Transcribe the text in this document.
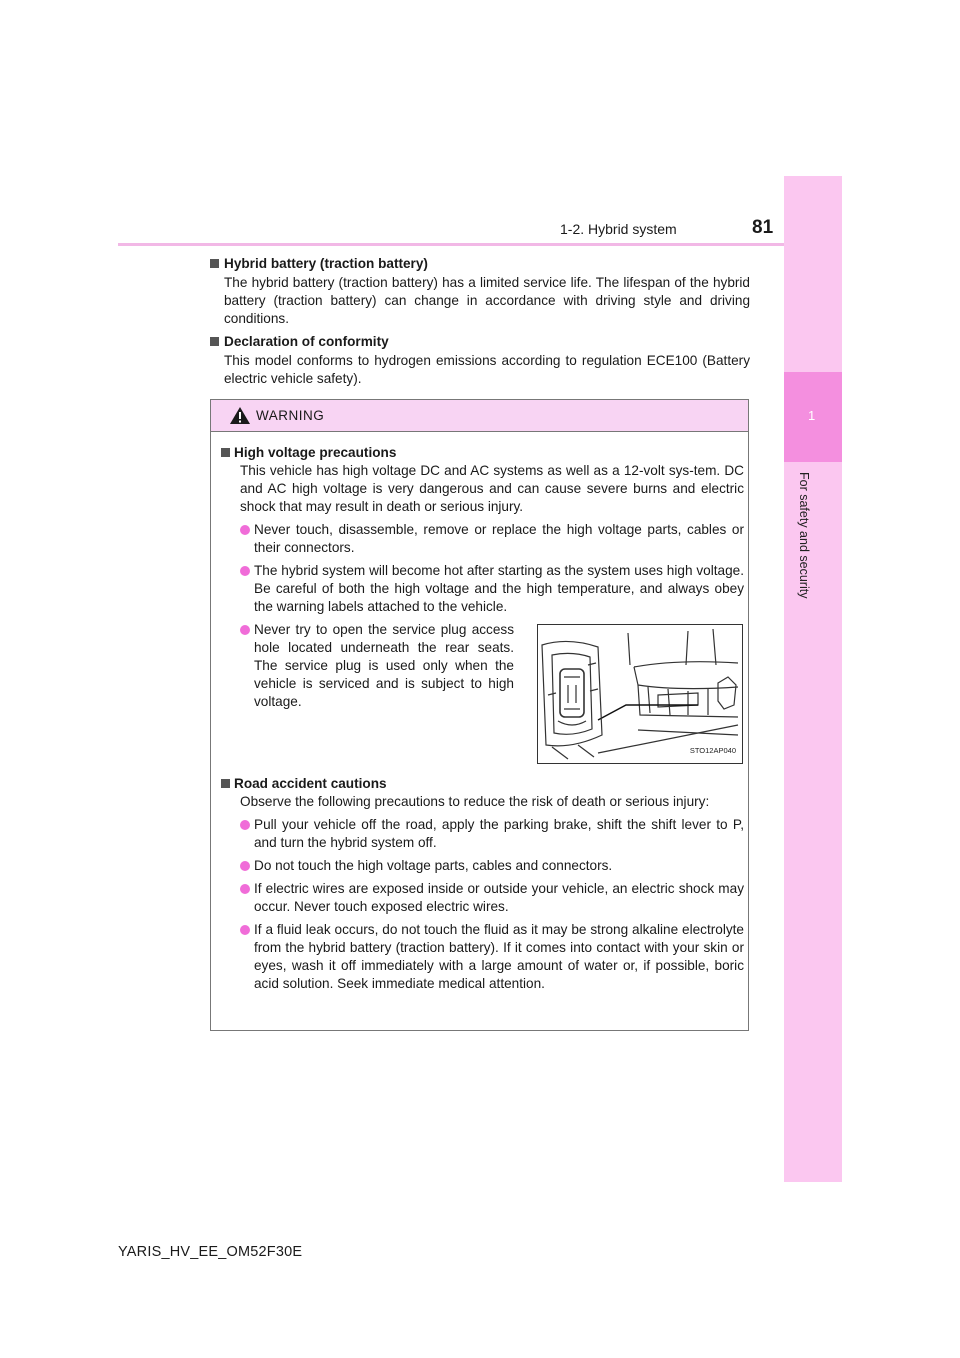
1-2. Hybrid system	81
1
For safety and security
Hybrid battery (traction battery)
The hybrid battery (traction battery) has a limited service life. The lifespan of the hybrid battery (traction battery) can change in accordance with driving style and driving conditions.
Declaration of conformity
This model conforms to hydrogen emissions according to regulation ECE100 (Battery electric vehicle safety).
WARNING
High voltage precautions
This vehicle has high voltage DC and AC systems as well as a 12-volt sys-tem. DC and AC high voltage is very dangerous and can cause severe burns and electric shock that may result in death or serious injury.
Never touch, disassemble, remove or replace the high voltage parts, cables or their connectors.
The hybrid system will become hot after starting as the system uses high voltage. Be careful of both the high voltage and the high temperature, and always obey the warning labels attached to the vehicle.
Never try to open the service plug access hole located underneath the rear seats. The service plug is used only when the vehicle is serviced and is subject to high voltage.
STO12AP040
Road accident cautions
Observe the following precautions to reduce the risk of death or serious injury:
Pull your vehicle off the road, apply the parking brake, shift the shift lever to P, and turn the hybrid system off.
Do not touch the high voltage parts, cables and connectors.
If electric wires are exposed inside or outside your vehicle, an electric shock may occur. Never touch exposed electric wires.
If a fluid leak occurs, do not touch the fluid as it may be strong alkaline electrolyte from the hybrid battery (traction battery). If it comes into contact with your skin or eyes, wash it off immediately with a large amount of water or, if possible, boric acid solution. Seek immediate medical attention.
YARIS_HV_EE_OM52F30E
